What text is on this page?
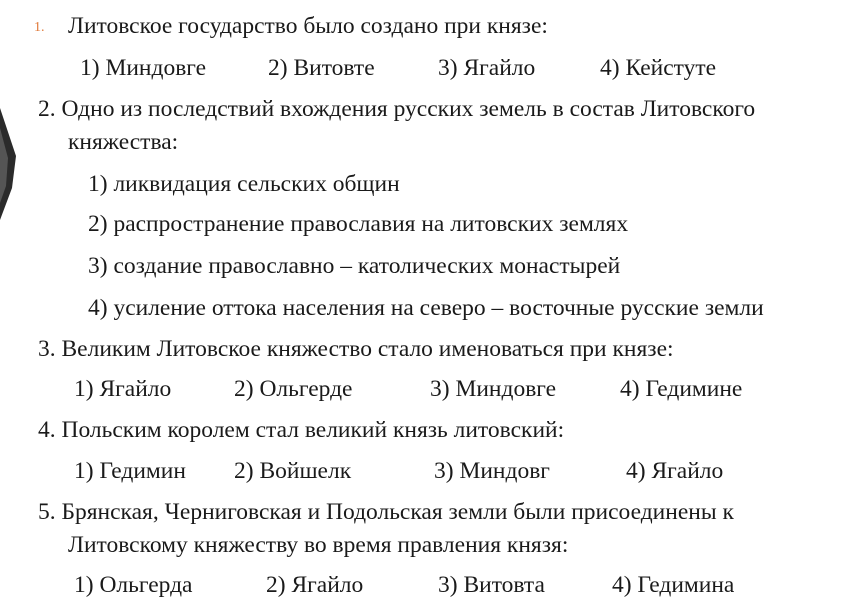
1. Литовское государство было создано при князе:
1) Миндовге	2) Витовте	3) Ягайло	4) Кейстуте
2. Одно из последствий вхождения русских земель в состав Литовского
княжества:
1) ликвидация сельских общин
2) распространение православия на литовских землях
3) создание православно – католических монастырей
4) усиление оттока населения на северо – восточные русские земли
3. Великим Литовское княжество стало именоваться при князе:
1) Ягайло	2) Ольгерде	3) Миндовге	4) Гедимине
4. Польским королем стал великий князь литовский:
1) Гедимин 2) Войшелк	3) Миндовг	4) Ягайло
5. Брянская, Черниговская и Подольская земли были присоединены к
Литовскому княжеству во время правления князя:
1) Ольгерда	2) Ягайло	3) Витовта	4) Гедимина
